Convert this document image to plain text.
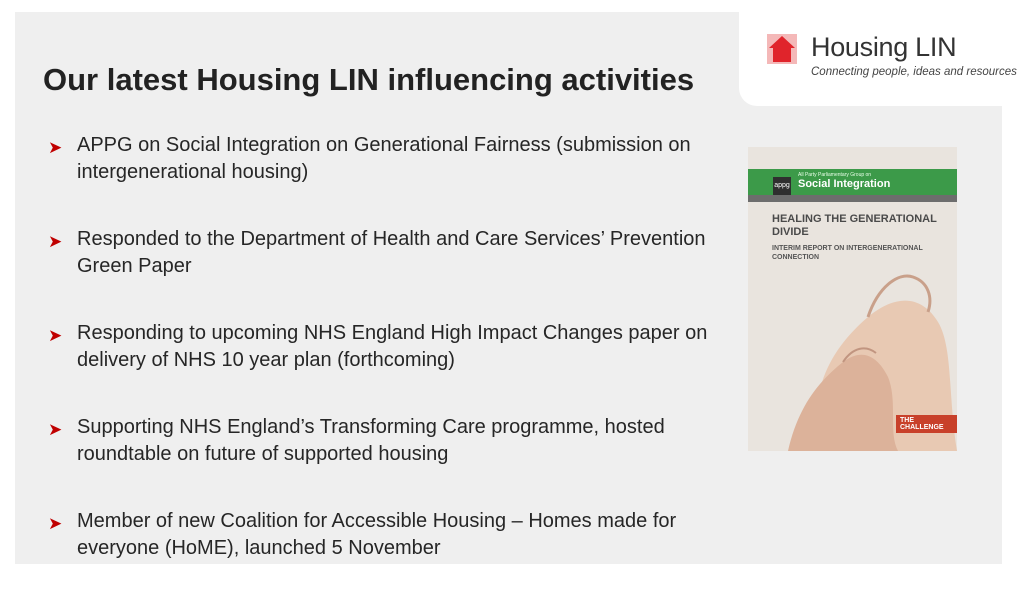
Housing LIN
Connecting people, ideas and resources
Our latest Housing LIN influencing activities
➤ APPG on Social Integration on Generational Fairness (submission on intergenerational housing)
➤ Responded to the Department of Health and Care Services’ Prevention Green Paper
➤ Responding to upcoming NHS England High Impact Changes paper on delivery of NHS 10 year plan (forthcoming)
➤ Supporting NHS England’s Transforming Care programme, hosted roundtable on future of supported housing
➤ Member of new Coalition for Accessible Housing – Homes made for everyone (HoME), launched 5 November
appg
All Party Parliamentary Group on
Social Integration
HEALING THE GENERATIONAL DIVIDE
INTERIM REPORT ON INTERGENERATIONAL CONNECTION
THE CHALLENGE
